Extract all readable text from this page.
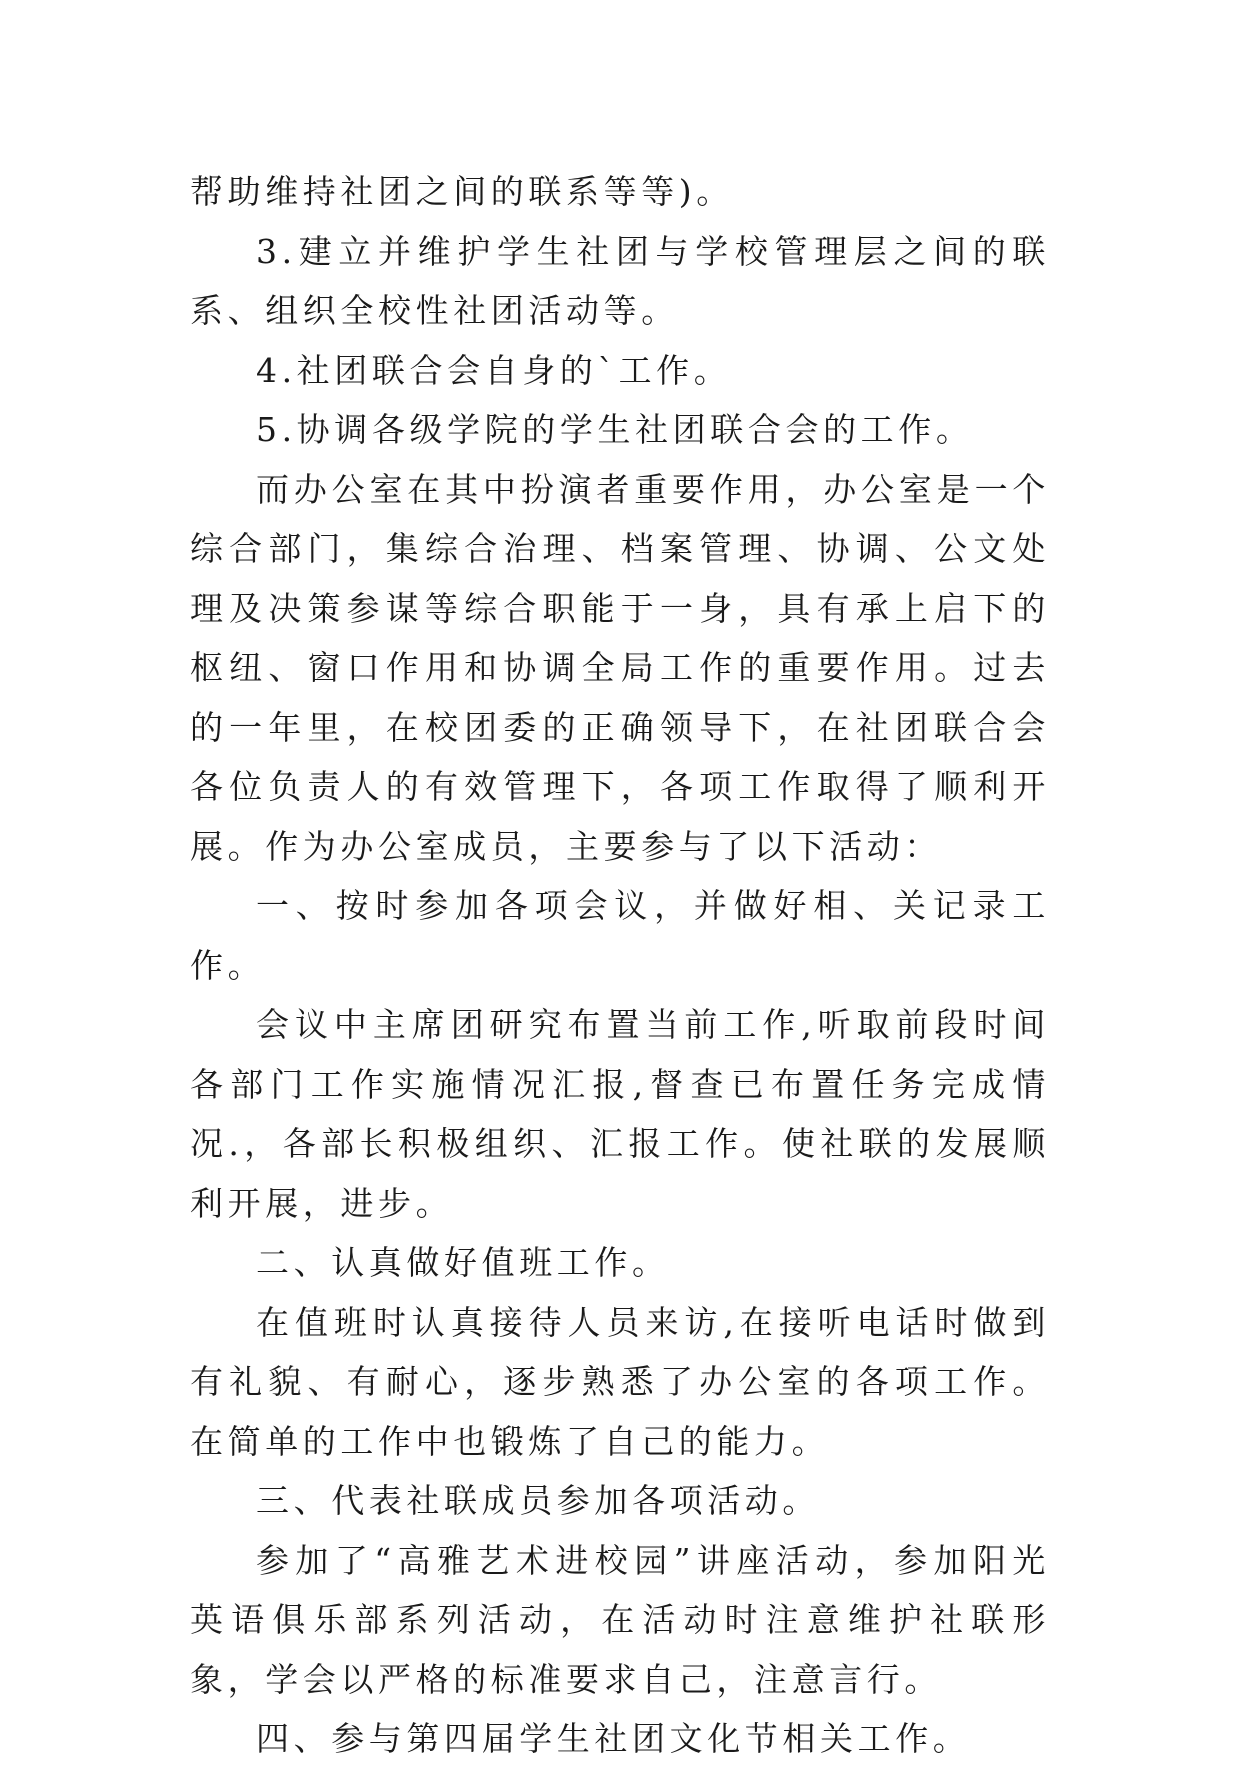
帮助维持社团之间的联系等等)。

3.建立并维护学生社团与学校管理层之间的联系、组织全校性社团活动等。

4.社团联合会自身的`工作。

5.协调各级学院的学生社团联合会的工作。

而办公室在其中扮演者重要作用，办公室是一个综合部门，集综合治理、档案管理、协调、公文处理及决策参谋等综合职能于一身，具有承上启下的枢纽、窗口作用和协调全局工作的重要作用。过去的一年里，在校团委的正确领导下，在社团联合会各位负责人的有效管理下，各项工作取得了顺利开展。作为办公室成员，主要参与了以下活动：

一、按时参加各项会议，并做好相、关记录工作。

会议中主席团研究布置当前工作,听取前段时间各部门工作实施情况汇报,督查已布置任务完成情况.，各部长积极组织、汇报工作。使社联的发展顺利开展，进步。

二、认真做好值班工作。

在值班时认真接待人员来访,在接听电话时做到有礼貌、有耐心，逐步熟悉了办公室的各项工作。在简单的工作中也锻炼了自己的能力。

三、代表社联成员参加各项活动。

参加了“高雅艺术进校园”讲座活动，参加阳光英语俱乐部系列活动，在活动时注意维护社联形象，学会以严格的标准要求自己，注意言行。

四、参与第四届学生社团文化节相关工作。
